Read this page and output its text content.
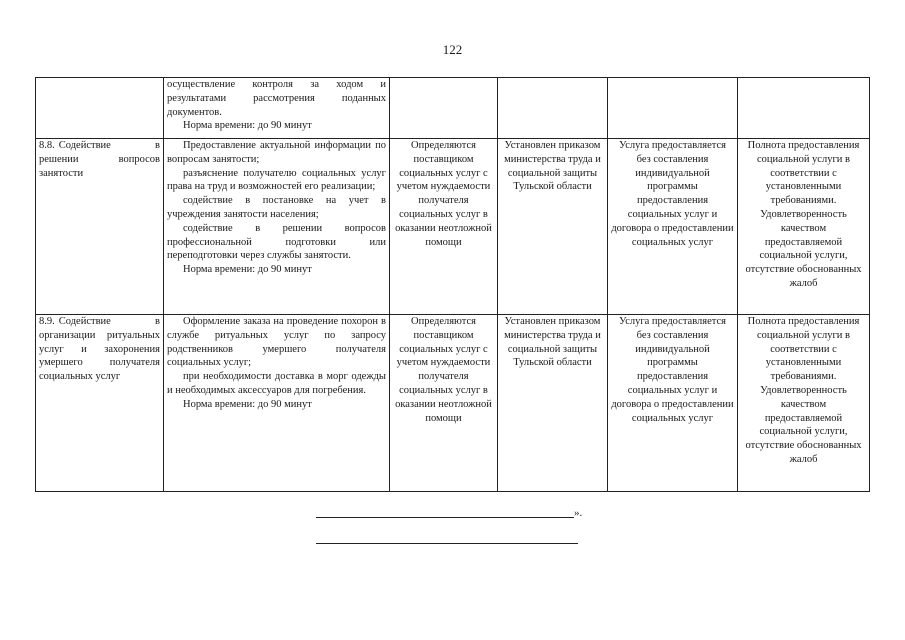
122

	осуществление контроля за ходом и результатами рассмотрения поданных документов.

Норма времени: до 90 минут				

8.8. Содействие в решении вопросов занятости	Предоставление актуальной информации по вопросам занятости;

разъяснение получателю социальных услуг права на труд и возможностей его реализации;

содействие в постановке на учет в учреждения занятости населения;

содействие в решении вопросов профессиональной подготовки или переподготовки через службы занятости.

Норма времени: до 90 минут	Определяются поставщиком социальных услуг с учетом нуждаемости получателя социальных услуг в оказании неотложной помощи	Установлен приказом министерства труда и социальной защиты Тульской области	Услуга предоставляется без составления индивидуальной программы предоставления социальных услуг и договора о предоставлении социальных услуг	Полнота предоставления социальной услуги в соответствии с установленными требованиями. Удовлетворенность качеством предоставляемой социальной услуги, отсутствие обоснованных жалоб
8.9. Содействие в организации ритуальных услуг и захоронения умершего получателя социальных услуг	Оформление заказа на проведение похорон в службе ритуальных услуг по запросу родственников умершего получателя социальных услуг;

при необходимости доставка в морг одежды и необходимых аксессуаров для погребения.

Норма времени: до 90 минут	Определяются поставщиком социальных услуг с учетом нуждаемости получателя социальных услуг в оказании неотложной помощи	Установлен приказом министерства труда и социальной защиты Тульской области	Услуга предоставляется без составления индивидуальной программы предоставления социальных услуг и договора о предоставлении социальных услуг	Полнота предоставления социальной услуги в соответствии с установленными требованиями. Удовлетворенность качеством предоставляемой социальной услуги, отсутствие обоснованных жалоб
».
